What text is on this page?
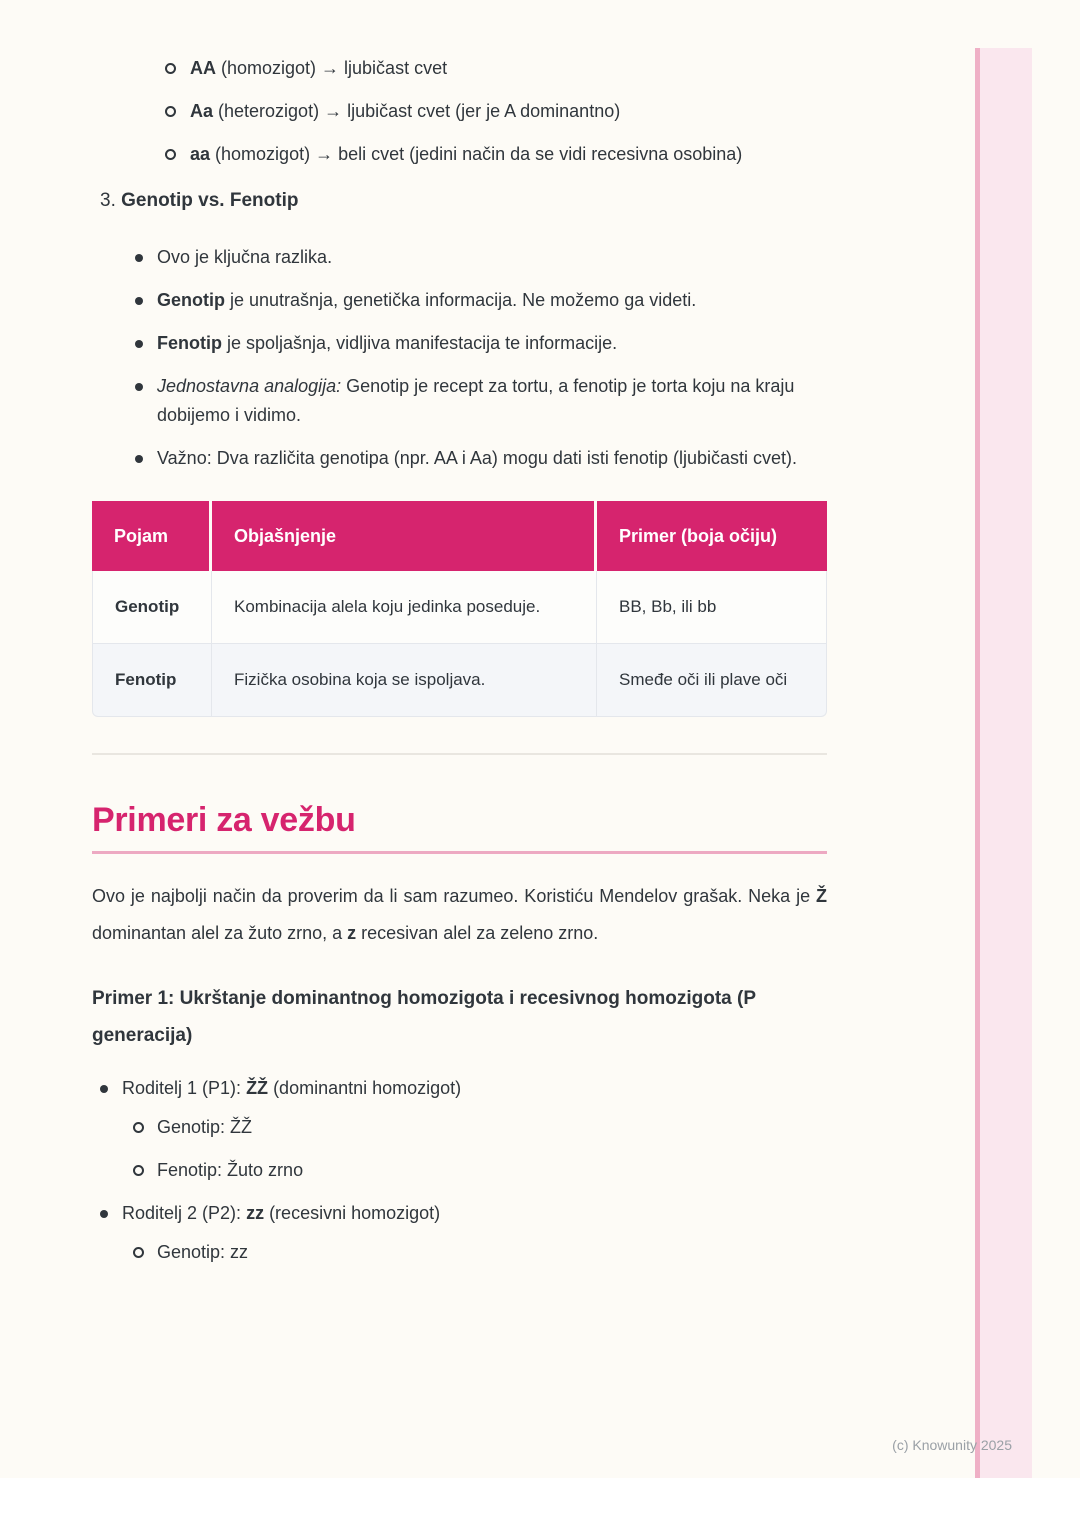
AA (homozigot) → ljubičast cvet
Aa (heterozigot) → ljubičast cvet (jer je A dominantno)
aa (homozigot) → beli cvet (jedini način da se vidi recesivna osobina)
3. Genotip vs. Fenotip
Ovo je ključna razlika.
Genotip je unutrašnja, genetička informacija. Ne možemo ga videti.
Fenotip je spoljašnja, vidljiva manifestacija te informacije.
Jednostavna analogija: Genotip je recept za tortu, a fenotip je torta koju na kraju dobijemo i vidimo.
Važno: Dva različita genotipa (npr. AA i Aa) mogu dati isti fenotip (ljubičasti cvet).
Pojam	Objašnjenje	Primer (boja očiju)
Genotip	Kombinacija alela koju jedinka poseduje.	BB, Bb, ili bb
Fenotip	Fizička osobina koja se ispoljava.	Smeđe oči ili plave oči
Primeri za vežbu

Ovo je najbolji način da proverim da li sam razumeo. Koristiću Mendelov grašak. Neka je Ž dominantan alel za žuto zrno, a z recesivan alel za zeleno zrno.

Primer 1: Ukrštanje dominantnog homozigota i recesivnog homozigota (P generacija)

Roditelj 1 (P1): ŽŽ (dominantni homozigot)
Genotip: ŽŽ
Fenotip: Žuto zrno
Roditelj 2 (P2): zz (recesivni homozigot)
Genotip: zz
(c) Knowunity 2025
